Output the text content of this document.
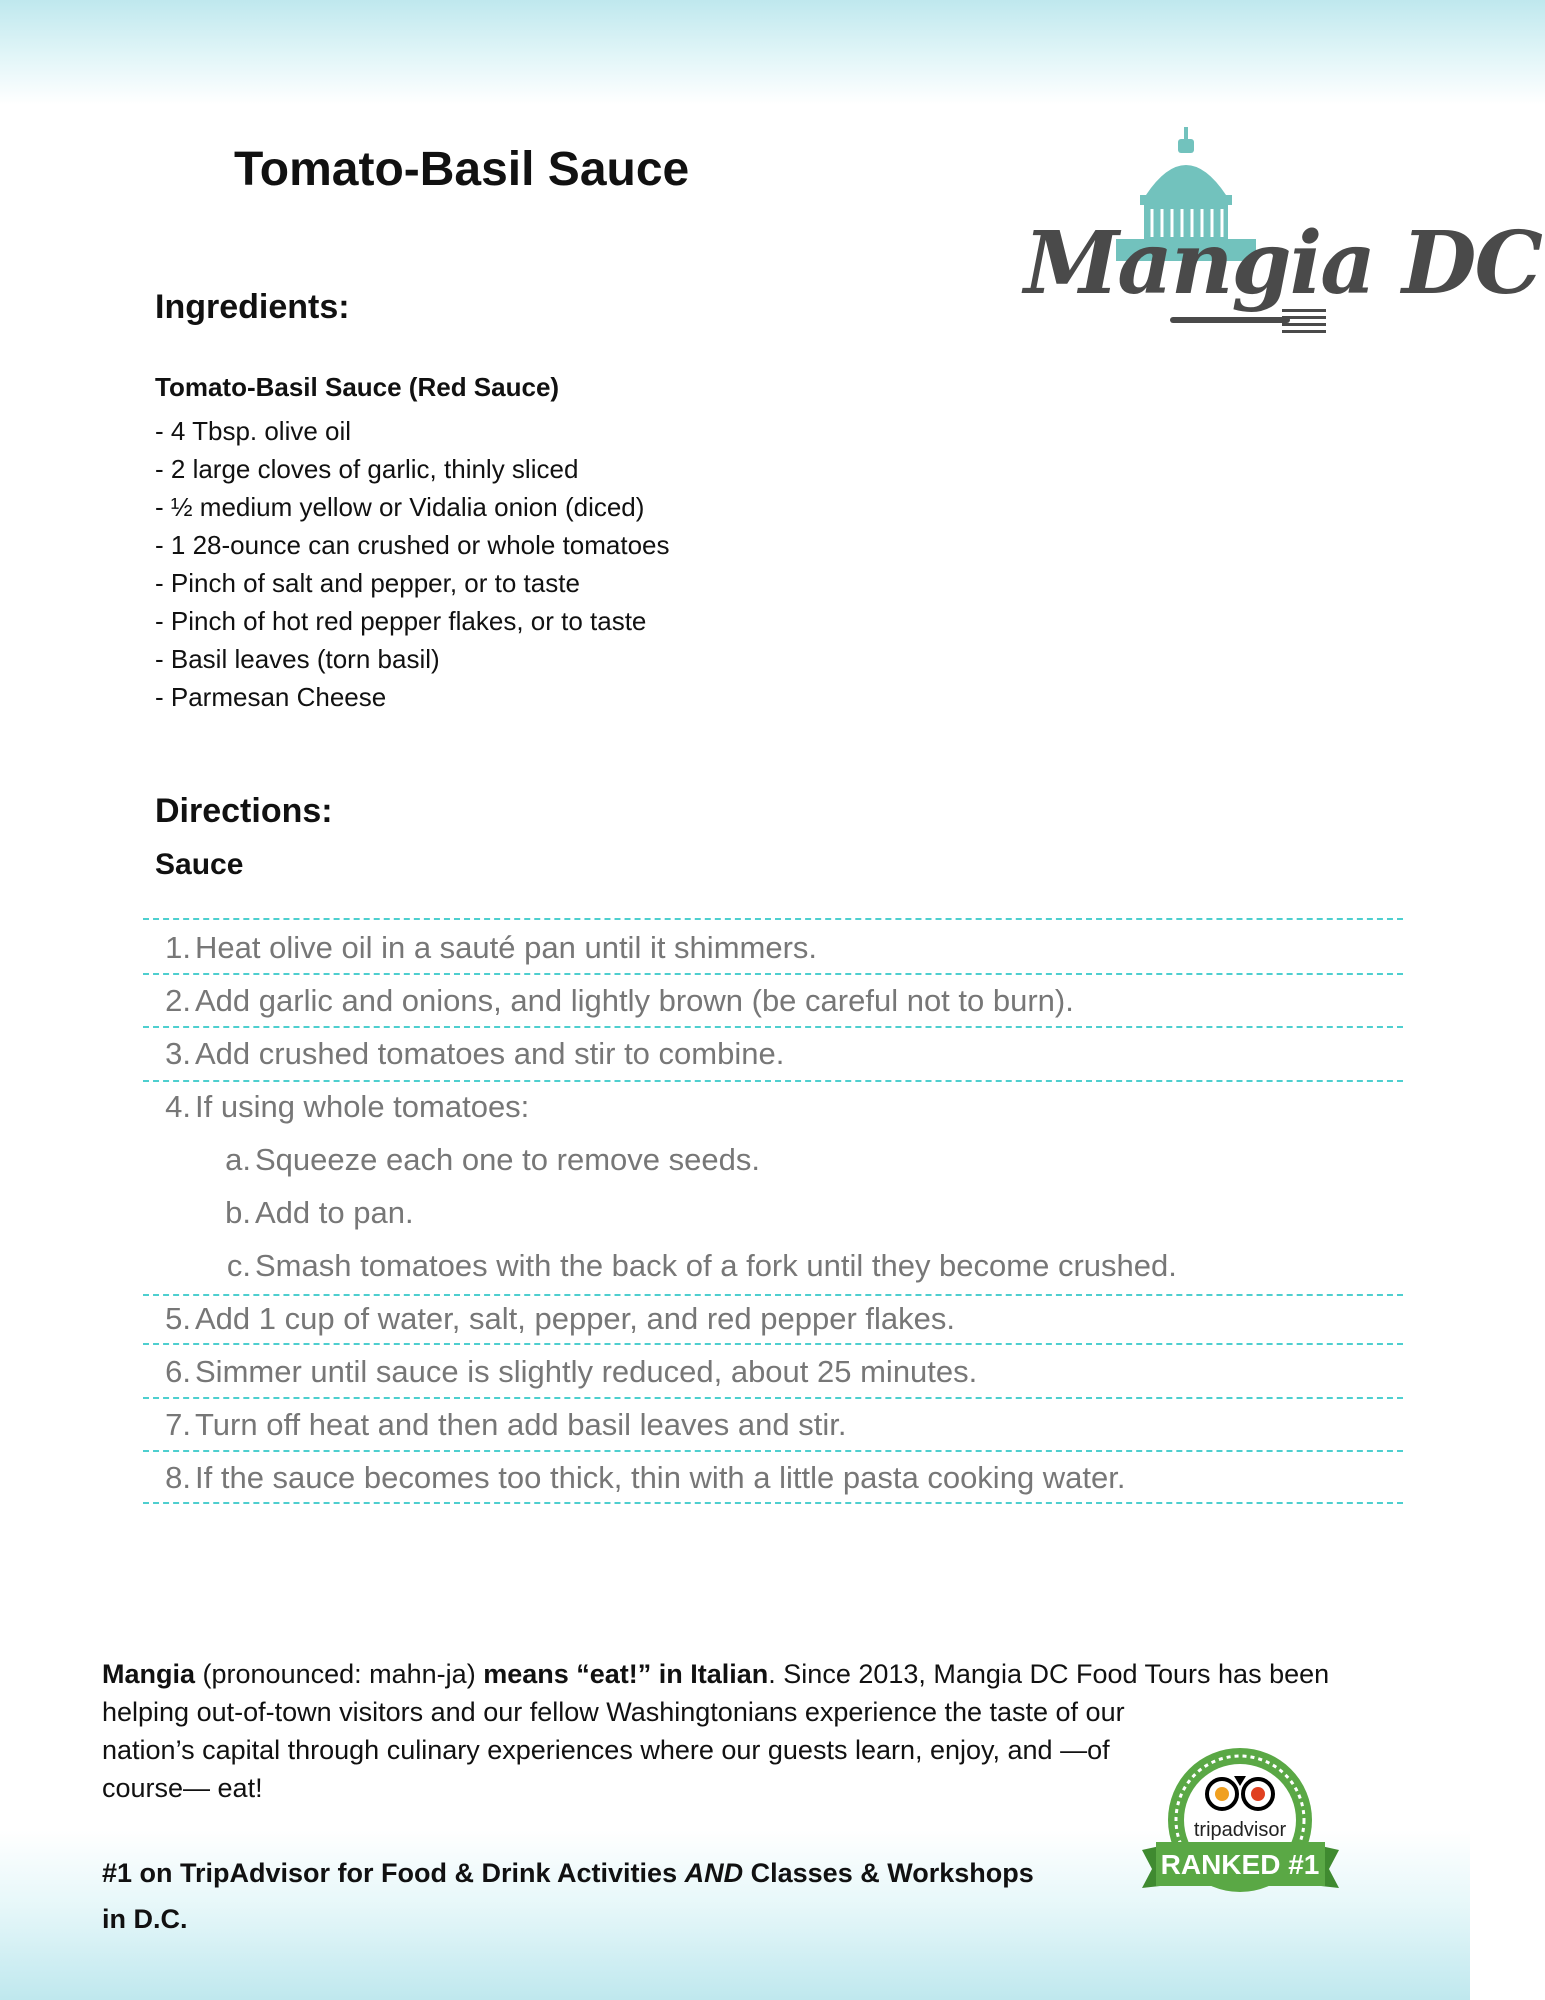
Tomato-Basil Sauce
Mangia DC
Ingredients:
Tomato-Basil Sauce (Red Sauce)
- 4 Tbsp. olive oil
- 2 large cloves of garlic, thinly sliced
- ½ medium yellow or Vidalia onion (diced)
- 1 28-ounce can crushed or whole tomatoes
- Pinch of salt and pepper, or to taste
- Pinch of hot red pepper flakes, or to taste
- Basil leaves (torn basil)
- Parmesan Cheese
Directions:
Sauce
1. Heat olive oil in a sauté pan until it shimmers.
2. Add garlic and onions, and lightly brown (be careful not to burn).
3. Add crushed tomatoes and stir to combine.
4. If using whole tomatoes:
a. Squeeze each one to remove seeds.
b. Add to pan.
c. Smash tomatoes with the back of a fork until they become crushed.
5. Add 1 cup of water, salt, pepper, and red pepper flakes.
6. Simmer until sauce is slightly reduced, about 25 minutes.
7. Turn off heat and then add basil leaves and stir.
8. If the sauce becomes too thick, thin with a little pasta cooking water.

Mangia (pronounced: mahn-ja) means “eat!” in Italian. Since 2013, Mangia DC Food Tours has been
helping out-of-town visitors and our fellow Washingtonians experience the taste of our
nation’s capital through culinary experiences where our guests learn, enjoy, and —of
course— eat!

#1 on TripAdvisor for Food & Drink Activities AND Classes & Workshops in D.C.
tripadvisor
RANKED #1
